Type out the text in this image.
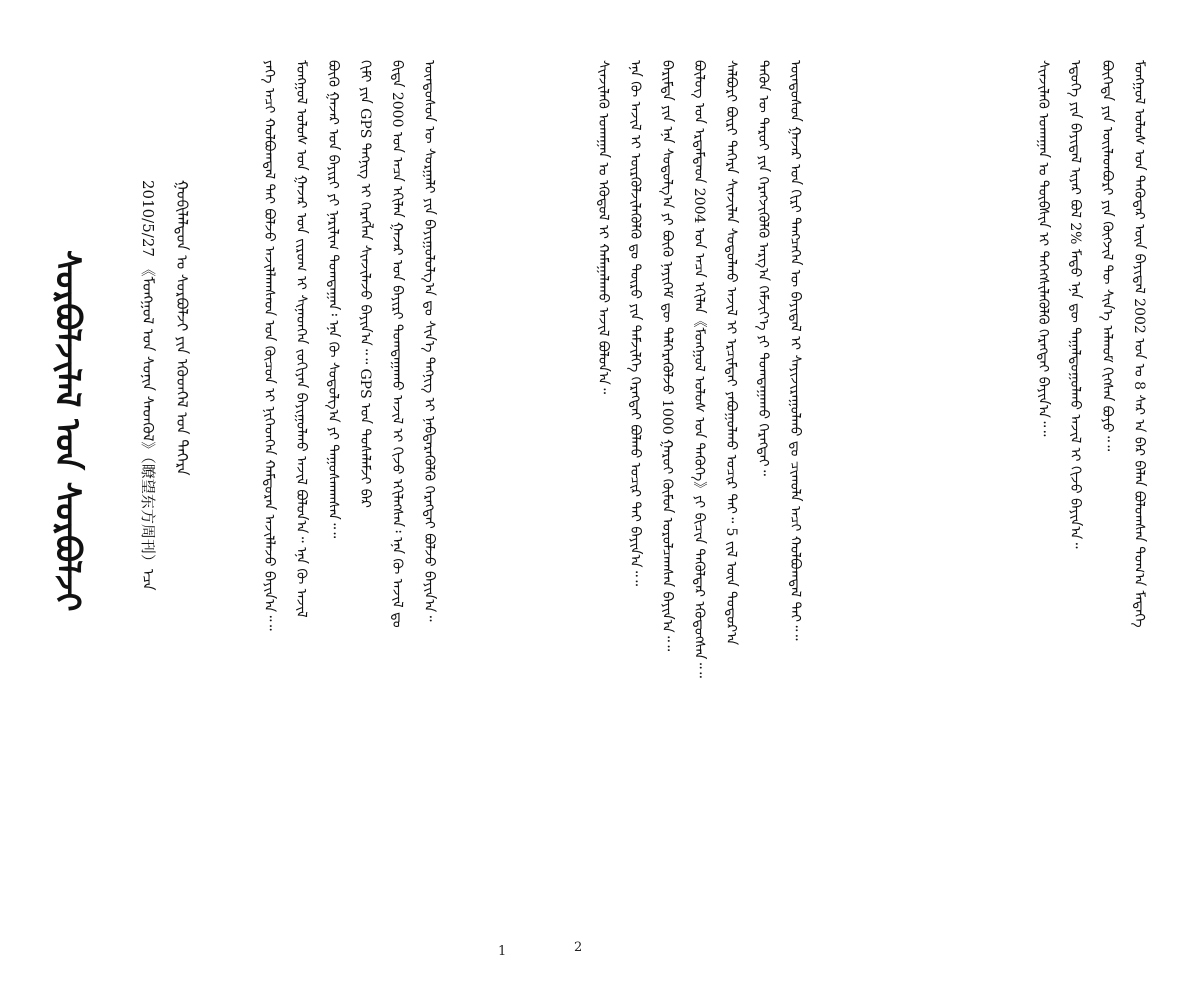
ᠰᠤᠷᠪᠤᠯᠵᠢᠯᠠᠯ ᠤᠨ ᠰᠤᠷᠪᠤᠯᠵᠢ	2010/5/27 《ᠮᠣᠩᠭᠣᠯ ᠤᠨ ᠰᠣᠨᠢᠨ ᠰᠡᠳᠬᠦᠯ》（瞭望东方周刊）ᠡᠴᠡ ᠭᠤᠪᠢᠯᠠᠯᠳᠤᠨ ᠤ ᠰᠤᠷᠪᠤᠯᠵᠢ ᠶᠢᠨ ᠡᠭᠦᠳᠭᠡᠯ ᠤᠨ ᠳᠡᠭᠡᠷᠡ	ᠶᠡᠬᠡ ᠠᠴᠢ ᠬᠣᠯᠪᠣᠭᠳᠠᠯ ᠲᠠᠢ ᠪᠣᠯᠵᠤ ᠠᠵᠢᠯᠯᠠᠭᠰᠠᠳ ᠤᠨ ᠬᠦᠴᠦᠨ ᠢ ᠨᠢᠭᠡᠳᠬᠡᠨ ᠬᠠᠮᠲᠤᠷᠠᠨ ᠠᠵᠢᠯᠯᠠᠵᠤ ᠪᠠᠶᠢᠨ᠎ᠠ᠃᠃ ᠮᠣᠩᠭᠣᠯ ᠤᠯᠤᠰ ᠤᠨ ᠭᠠᠵᠠᠷ ᠤᠨ ᠵᠢᠷᠤᠭ ᠢ ᠰᠢᠨᠡᠳᠬᠡᠨ ᠵᠣᠬᠢᠶᠠᠨ ᠪᠠᠶᠢᠭᠤᠯᠬᠤ ᠠᠵᠢᠯ ᠪᠣᠯᠤᠨ᠎ᠠ᠃ ᠡᠨᠡ ᠬᠦ ᠠᠵᠢᠯ ᠪᠦᠬᠦ ᠭᠠᠵᠠᠷ ᠤᠨ ᠪᠠᠶᠢᠷᠢ ᠶᠢ ᠨᠠᠷᠢᠯᠢᠭ ᠲᠣᠭᠲᠠᠭᠠᠨ᠄ ᠡᠨᠡ ᠬᠦ ᠰᠤᠳᠤᠯᠭ᠎ᠠ ᠶᠢ ᠳᠠᠭᠤᠰᠬᠠᠭᠰᠠᠨ᠃᠃ ᠬᠢᠮᠢ ᠶᠢᠨ GPS ᠲᠡᠬᠨᠢᠭ ᠢ ᠬᠡᠷᠡᠭᠯᠡᠨ ᠰᠢᠨᠵᠢᠯᠡᠵᠦ ᠪᠠᠶᠢᠨ᠎ᠠ᠃᠃ GPS ᠤᠨ ᠲᠤᠰᠠᠯᠠᠮᠵᠢ ᠪᠠᠷ ᠪᠢᠳᠡ 2000 ᠣᠨ ᠠᠴᠠ ᠡᠬᠢᠯᠡᠨ ᠭᠠᠵᠠᠷ ᠤᠨ ᠪᠠᠶᠢᠷᠢ ᠲᠣᠭᠲᠠᠭᠠᠬᠤ ᠠᠵᠢᠯ ᠢ ᠬᠢᠵᠦ ᠡᠬᠢᠯᠡᠭᠰᠡᠨ᠄ ᠡᠨᠡ ᠬᠦ ᠠᠵᠢᠯ ᠳᠤ ᠦᠨᠳᠦᠰᠦᠨ ᠦ ᠰᠤᠷᠭᠠᠯᠢ ᠶᠢᠨ ᠪᠠᠶᠢᠭᠤᠯᠤᠯᠭ᠎ᠠ ᠳᠤ ᠰᠢᠨ᠎ᠡ ᠲᠡᠬᠨᠢᠭ ᠢ ᠨᠡᠪᠲᠡᠷᠡᠭᠦᠯᠬᠦ ᠬᠡᠷᠡᠭᠲᠡᠢ ᠪᠣᠯᠵᠤ ᠪᠠᠶᠢᠨ᠎ᠠ᠃	ᠰᠢᠨᠵᠢᠯᠡᠬᠦ ᠤᠬᠠᠭᠠᠨ ᠤ ᠡᠭᠦᠳᠦᠯ ᠢ ᠬᠠᠮᠠᠭᠠᠯᠠᠬᠤ ᠠᠵᠢᠯ ᠪᠣᠯᠤᠨ᠎ᠠ᠃ ᠡᠨᠡ ᠬᠦ ᠠᠵᠢᠯ ᠢ ᠦᠷᠭᠦᠯᠵᠢᠯᠡᠭᠦᠯᠬᠦ ᠳᠤ ᠲᠥᠷᠦ ᠶᠢᠨ ᠳᠡᠮᠵᠢᠯᠭᠡ ᠬᠡᠷᠡᠭᠲᠡᠢ ᠪᠣᠯᠬᠤ ᠤᠴᠢᠷ ᠲᠠᠢ ᠪᠠᠶᠢᠨ᠎ᠠ᠃᠃ ᠪᠠᠷᠢᠮᠲᠠ ᠶᠢᠨ ᠡᠨᠡ ᠰᠤᠳᠤᠯᠭ᠎ᠠ ᠶᠢ ᠪᠦᠬᠦ ᠨᠡᠶᠢᠭᠡᠮ ᠳᠦ ᠳᠡᠯᠭᠡᠷᠡᠭᠦᠯᠵᠦ 1000 ᠭᠠᠷᠤᠢ ᠬᠦᠮᠦᠨ ᠣᠷᠣᠯᠴᠠᠭᠰᠠᠨ ᠪᠠᠶᠢᠨ᠎ᠠ᠃᠃ ᠪᠦᠯᠦᠭ ᠤᠨ ᠡᠷᠳᠡᠮᠲᠡᠳ 2004 ᠣᠨ ᠠᠴᠠ ᠡᠬᠢᠯᠡᠨ《ᠮᠣᠩᠭᠣᠯ ᠤᠯᠤᠰ ᠤᠨ ᠲᠡᠭᠦᠬᠡ》ᠶᠢ ᠪᠢᠴᠢᠨ ᠲᠡᠭᠦᠯᠳᠡᠷ ᠡᠭᠦᠳᠦᠭᠰᠡᠨ᠃᠃ ᠰᠠᠯᠪᠤᠷᠢ ᠪᠦᠷᠢ ᠳᠡᠭᠡᠷᠡ ᠰᠢᠨᠵᠢᠯᠡᠨ ᠰᠤᠳᠤᠯᠬᠤ ᠠᠵᠢᠯ ᠢ ᠡᠷᠴᠢᠮᠲᠡᠢ ᠶᠠᠪᠤᠭᠤᠯᠬᠤ ᠤᠴᠢᠷ ᠲᠠᠢ᠃ 5 ᠵᠢᠯ ᠦᠨ ᠳᠣᠲᠣᠷ᠎ᠠ ᠲᠡᠭᠦᠨ ᠦ ᠳᠠᠷᠤᠢ ᠶᠢᠨ ᠬᠡᠷᠡᠭᠵᠢᠭᠦᠯᠬᠦ ᠠᠷᠭ᠎ᠠ ᠬᠡᠮᠵᠢᠶ᠎ᠡ ᠶᠢ ᠲᠣᠭᠲᠠᠭᠠᠬᠤ ᠬᠡᠷᠡᠭᠲᠡᠢ᠃ ᠦᠨᠳᠦᠰᠦᠨ ᠭᠠᠵᠠᠷ ᠤᠨ ᠬᠢᠷᠢ ᠲᠡᠩᠴᠡᠭᠡᠨ ᠦ ᠪᠠᠶᠢᠳᠠᠯ ᠢ ᠰᠠᠶᠢᠵᠢᠷᠠᠭᠤᠯᠬᠤ ᠳᠤ ᠴᠢᠬᠤᠯᠠ ᠠᠴᠢ ᠬᠣᠯᠪᠣᠭᠳᠠᠯ ᠲᠠᠢ᠃᠃	ᠰᠢᠨᠵᠢᠯᠡᠬᠦ ᠤᠬᠠᠭᠠᠨ ᠤ ᠲᠦᠪᠰᠢᠨ ᠢ ᠳᠡᠭᠡᠭᠰᠢᠯᠡᠭᠦᠯᠬᠦ ᠬᠡᠷᠡᠭᠲᠡᠢ ᠪᠠᠶᠢᠨ᠎ᠠ᠃᠃ ᠡᠳ᠋ᠦᠭᠡ ᠶᠢᠨ ᠪᠠᠶᠢᠳᠠᠯ ᠢᠶᠠᠷ ᠪᠣᠯ 2% ᠮᠠᠲᠤ ᠡᠨᠡ ᠳᠦ ᠳᠠᠭᠠᠯᠳᠤᠭᠤᠯᠬᠤ ᠠᠵᠢᠯ ᠢ ᠬᠢᠵᠦ ᠪᠠᠶᠢᠨ᠎ᠠ᠃ ᠪᠦᠭᠡᠳᠡ ᠶᠢᠨ ᠦᠢᠯᠡᠳᠪᠦᠷᠢ ᠶᠢᠨ ᠬᠥᠭᠵᠢᠯ ᠲᠦ ᠰᠢᠨ᠎ᠡ ᠠᠯᠬᠤᠮ ᠬᠢᠭᠰᠡᠨ ᠪᠤᠶᠤ᠃᠃ ᠮᠣᠩᠭᠣᠯ ᠤᠯᠤᠰ ᠤᠨ ᠲᠡᠭᠦᠳᠡᠷ ᠦᠨ ᠪᠠᠶᠢᠳᠠᠯ 2002 ᠣᠨ ᠤ 8 ᠰᠠᠷ ᠠ ᠪᠠᠷ ᠪᠡᠯᠡᠨ ᠪᠣᠯᠤᠭᠰᠠᠨ ᠲᠣᠭ᠎ᠠ ᠮᠡᠳᠡᠭᠡ
1	2
